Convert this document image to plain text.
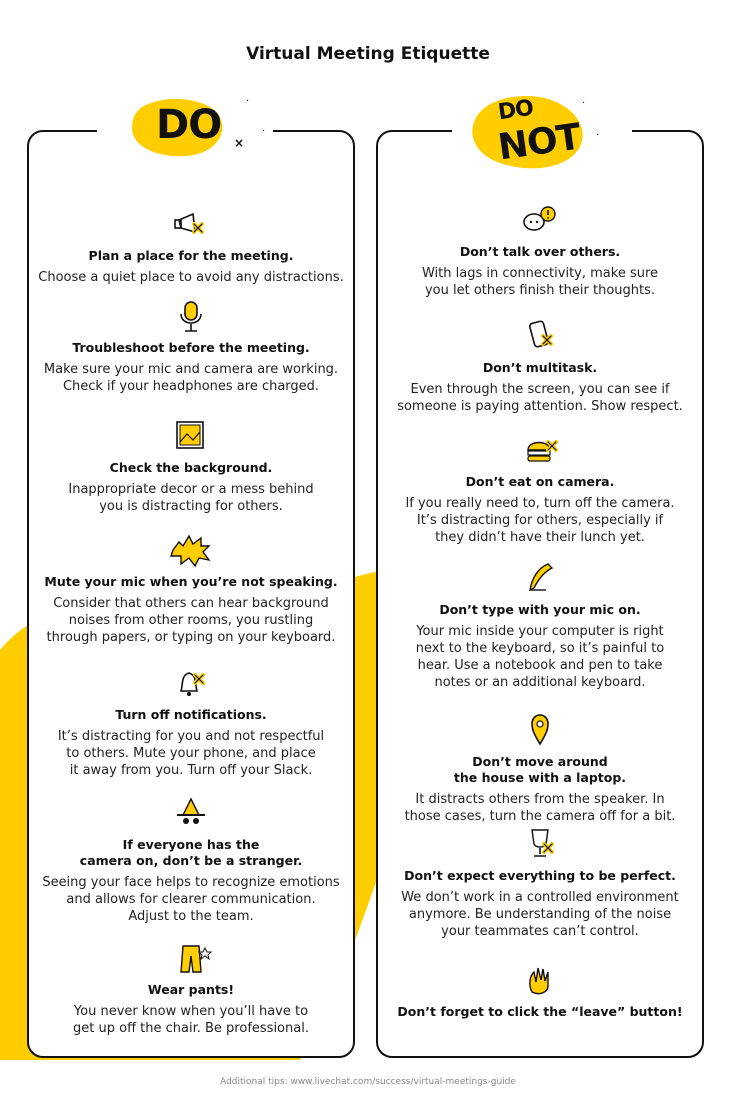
Virtual Meeting Etiquette
DO ×
·
·
DO
NOT
·
·
Plan a place for the meeting.
Choose a quiet place to avoid any distractions.
Troubleshoot before the meeting.
Make sure your mic and camera are working.
Check if your headphones are charged.
Check the background.
Inappropriate decor or a mess behind
you is distracting for others.
Mute your mic when you’re not speaking.
Consider that others can hear background
noises from other rooms, you rustling
through papers, or typing on your keyboard.
Turn off notifications.
It’s distracting for you and not respectful
to others. Mute your phone, and place
it away from you. Turn off your Slack.
If everyone has the
camera on, don’t be a stranger.
Seeing your face helps to recognize emotions
and allows for clearer communication.
Adjust to the team.
Wear pants!
You never know when you’ll have to
get up off the chair. Be professional.
Don’t talk over others.
With lags in connectivity, make sure
you let others finish their thoughts.
Don’t multitask.
Even through the screen, you can see if
someone is paying attention. Show respect.
Don’t eat on camera.
If you really need to, turn off the camera.
It’s distracting for others, especially if
they didn’t have their lunch yet.
Don’t type with your mic on.
Your mic inside your computer is right
next to the keyboard, so it’s painful to
hear. Use a notebook and pen to take
notes or an additional keyboard.
Don’t move around
the house with a laptop.
It distracts others from the speaker. In
those cases, turn the camera off for a bit.
Don’t expect everything to be perfect.
We don’t work in a controlled environment
anymore. Be understanding of the noise
your teammates can’t control.
Don’t forget to click the “leave” button!
Additional tips: www.livechat.com/success/virtual-meetings-guide
